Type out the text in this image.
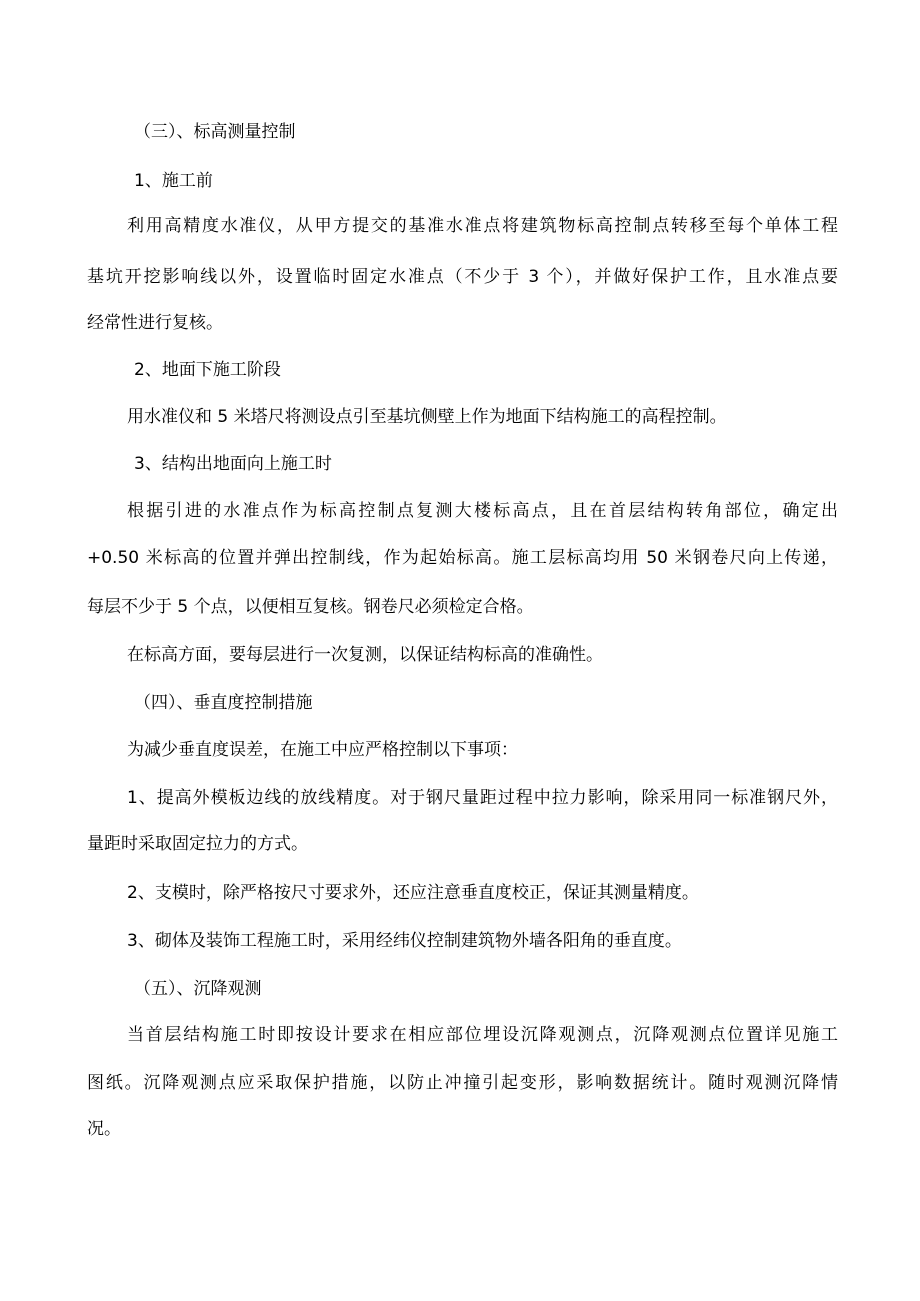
（三）、标高测量控制
1、施工前
利用高精度水准仪，从甲方提交的基准水准点将建筑物标高控制点转移至每个单体工程
基坑开挖影响线以外，设置临时固定水准点（不少于 3 个），并做好保护工作，且水准点要
经常性进行复核。
2、地面下施工阶段
用水准仪和 5 米塔尺将测设点引至基坑侧壁上作为地面下结构施工的高程控制。
3、结构出地面向上施工时
根据引进的水准点作为标高控制点复测大楼标高点，且在首层结构转角部位，确定出
+0.50 米标高的位置并弹出控制线，作为起始标高。施工层标高均用 50 米钢卷尺向上传递，
每层不少于 5 个点，以便相互复核。钢卷尺必须检定合格。
在标高方面，要每层进行一次复测，以保证结构标高的准确性。
（四）、垂直度控制措施
为减少垂直度误差，在施工中应严格控制以下事项：
1、提高外模板边线的放线精度。对于钢尺量距过程中拉力影响，除采用同一标准钢尺外，
量距时采取固定拉力的方式。
2、支模时，除严格按尺寸要求外，还应注意垂直度校正，保证其测量精度。
3、砌体及装饰工程施工时，采用经纬仪控制建筑物外墙各阳角的垂直度。
（五）、沉降观测
当首层结构施工时即按设计要求在相应部位埋设沉降观测点，沉降观测点位置详见施工
图纸。沉降观测点应采取保护措施，以防止冲撞引起变形，影响数据统计。随时观测沉降情
况。
